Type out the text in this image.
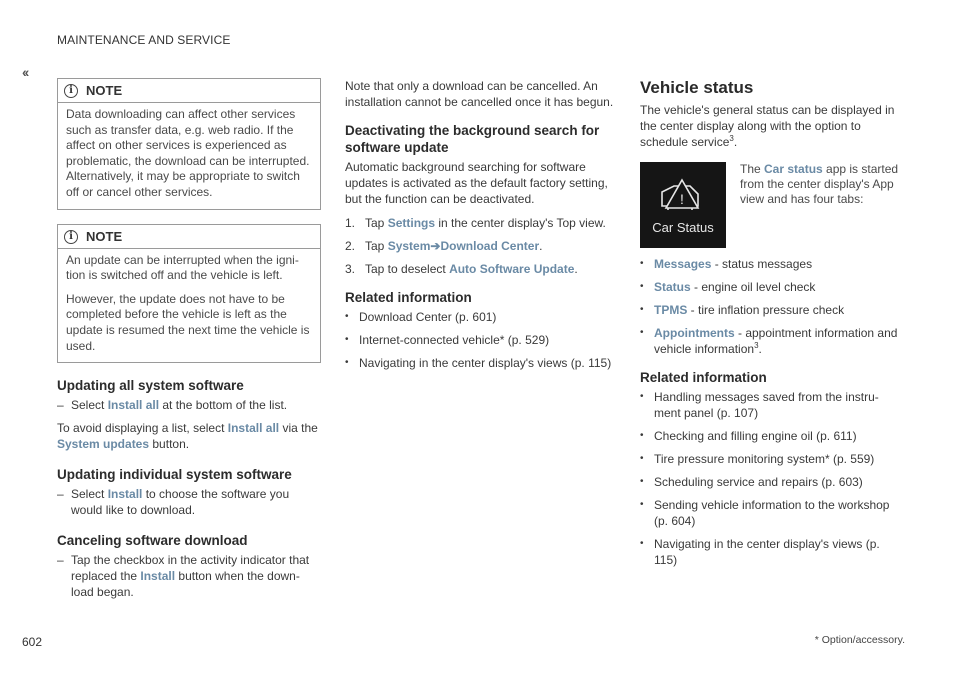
MAINTENANCE AND SERVICE
‹‹
i	NOTE

Data downloading can affect other services such as transfer data, e.g. web radio. If the affect on other services is experienced as problematic, the download can be interrupted. Alternatively, it may be appropriate to switch off or cancel other services.

i	NOTE

An update can be interrupted when the igni-tion is switched off and the vehicle is left.

However, the update does not have to be completed before the vehicle is left as the update is resumed the next time the vehicle is used.

Updating all system software
– Select Install all at the bottom of the list.

To avoid displaying a list, select Install all via the System updates button.

Updating individual system software
– Select Install to choose the software you would like to download.
Canceling software download
– Tap the checkbox in the activity indicator that replaced the Install button when the down-load began.

Note that only a download can be cancelled. An installation cannot be cancelled once it has begun.

Deactivating the background search for software update

Automatic background searching for software updates is activated as the default factory setting, but the function can be deactivated.

1. Tap Settings in the center display's Top view.
2. Tap System➔Download Center.
3. Tap to deselect Auto Software Update.
Related information
• Download Center (p. 601)
• Internet-connected vehicle* (p. 529)
• Navigating in the center display's views (p. 115)
Vehicle status

The vehicle's general status can be displayed in the center display along with the option to schedule service$^3$.

!
Car Status
The Car status app is started from the center display's App view and has four tabs:
• Messages - status messages
• Status - engine oil level check
• TPMS - tire inflation pressure check
• Appointments - appointment information and vehicle information$^3$.
Related information
• Handling messages saved from the instru-ment panel (p. 107)
• Checking and filling engine oil (p. 611)
• Tire pressure monitoring system* (p. 559)
• Scheduling service and repairs (p. 603)
• Sending vehicle information to the workshop (p. 604)
• Navigating in the center display's views (p. 115)
* Option/accessory.
602
